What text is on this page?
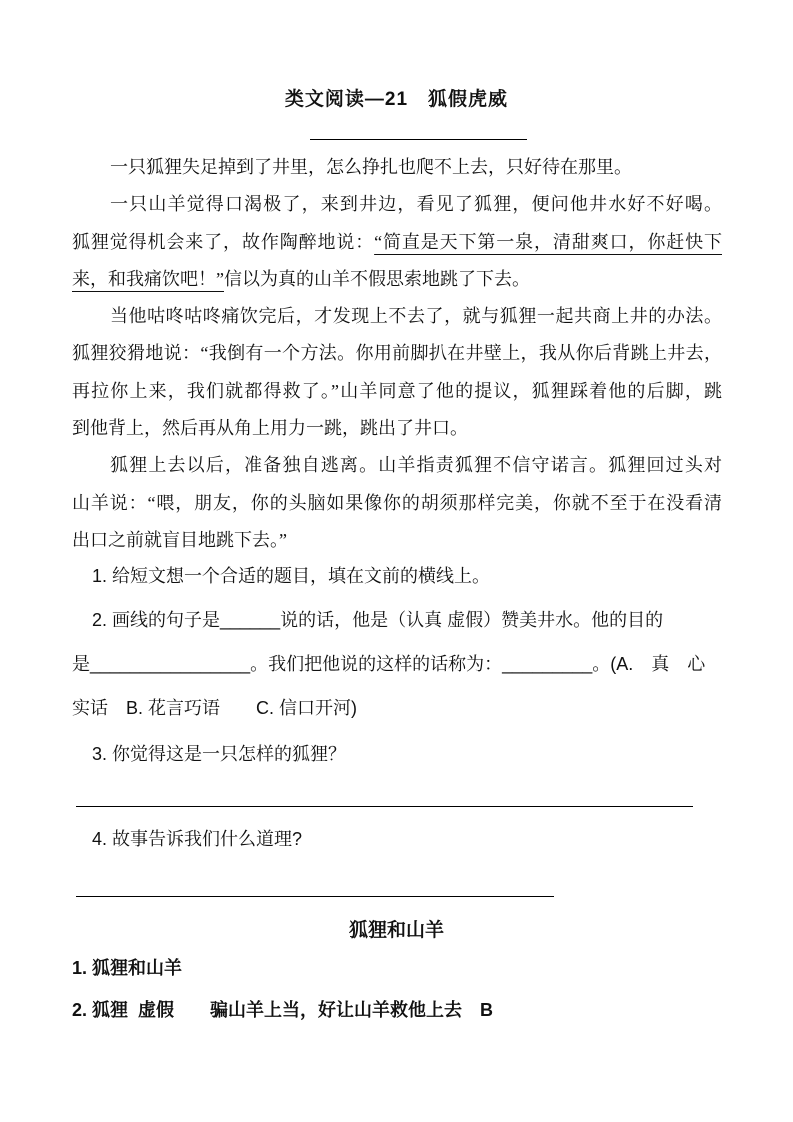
类文阅读—21　狐假虎威
一只狐狸失足掉到了井里，怎么挣扎也爬不上去，只好待在那里。
一只山羊觉得口渴极了，来到井边，看见了狐狸，便问他井水好不好喝。
狐狸觉得机会来了，故作陶醉地说：“简直是天下第一泉，清甜爽口，你赶快下
来，和我痛饮吧！”信以为真的山羊不假思索地跳了下去。
当他咕咚咕咚痛饮完后，才发现上不去了，就与狐狸一起共商上井的办法。
狐狸狡猾地说：“我倒有一个方法。你用前脚扒在井壁上，我从你后背跳上井去，
再拉你上来，我们就都得救了。”山羊同意了他的提议，狐狸踩着他的后脚，跳
到他背上，然后再从角上用力一跳，跳出了井口。
狐狸上去以后，准备独自逃离。山羊指责狐狸不信守诺言。狐狸回过头对
山羊说：“喂，朋友，你的头脑如果像你的胡须那样完美，你就不至于在没看清
出口之前就盲目地跳下去。”
1. 给短文想一个合适的题目，填在文前的横线上。
2. 画线的句子是______说的话，他是（认真 虚假）赞美井水。他的目的
是________________。我们把他说的这样的话称为：_________。(A.　真　心
实话　B. 花言巧语　　C. 信口开河)
3. 你觉得这是一只怎样的狐狸？
4. 故事告诉我们什么道理?
狐狸和山羊
1. 狐狸和山羊
2. 狐狸  虚假　　骗山羊上当，好让山羊救他上去　B
